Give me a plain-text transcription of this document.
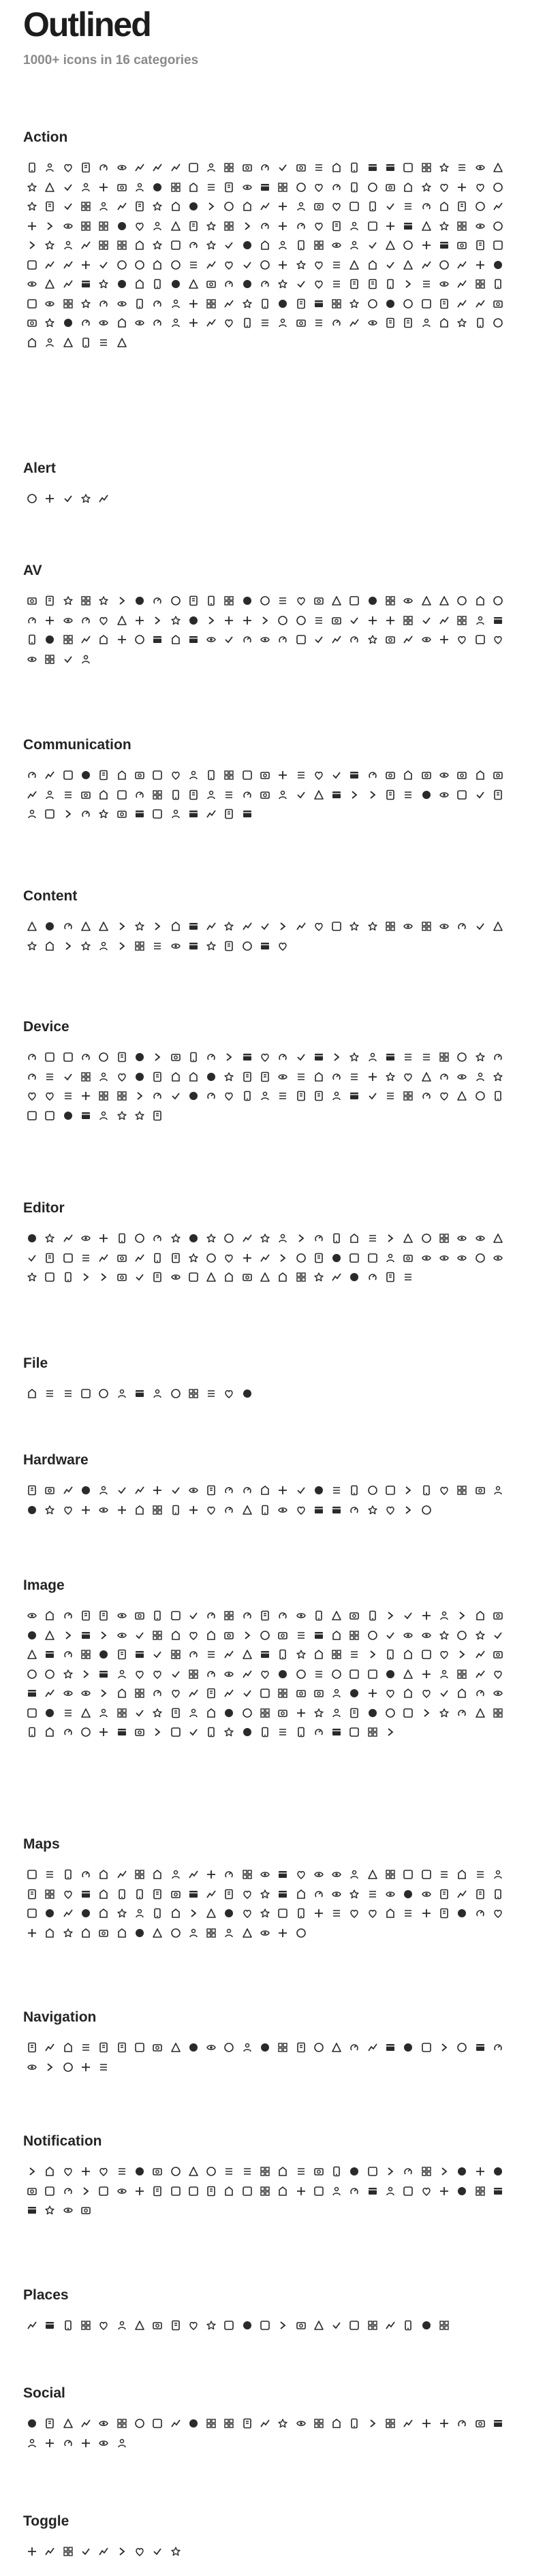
Outlined
1000+ icons in 16 categories
Action
Alert
AV
Communication
Content
Device
Editor
File
Hardware
Image
Maps
Navigation
Notification
Places
Social
Toggle
